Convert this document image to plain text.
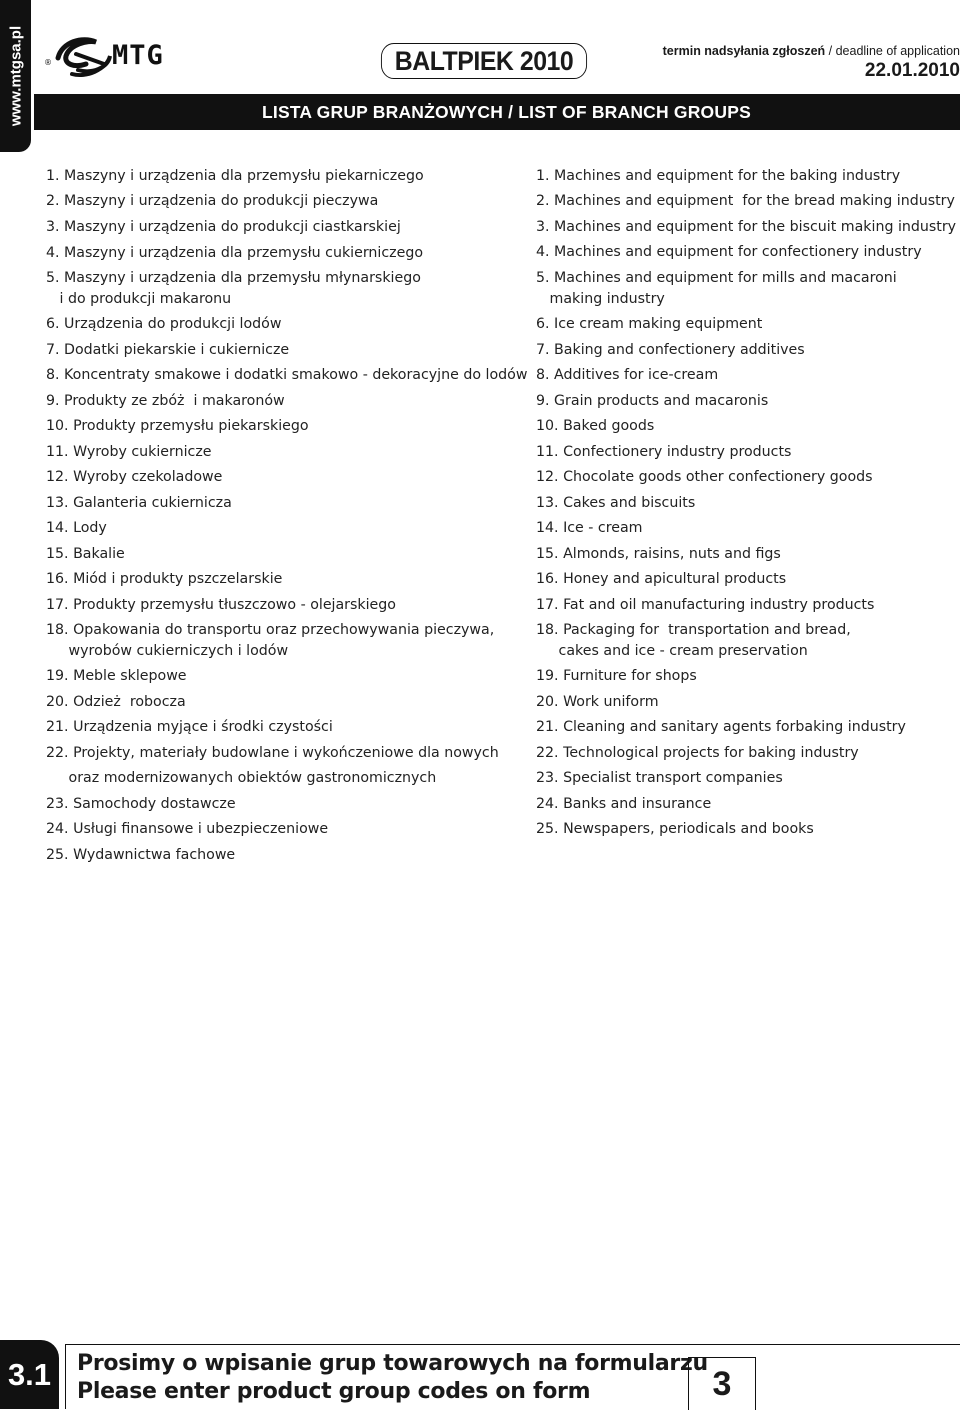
www.mtgsa.pl	® MTG	BALTPIEK 2010	termin nadsyłania zgłoszeń / deadline of application
22.01.2010
LISTA GRUP BRANŻOWYCH / LIST OF BRANCH GROUPS
1. Maszyny i urządzenia dla przemysłu piekarniczego
2. Maszyny i urządzenia do produkcji pieczywa
3. Maszyny i urządzenia do produkcji ciastkarskiej
4. Maszyny i urządzenia dla przemysłu cukierniczego
5. Maszyny i urządzenia dla przemysłu młynarskiego
i do produkcji makaronu
6. Urządzenia do produkcji lodów
7. Dodatki piekarskie i cukiernicze
8. Koncentraty smakowe i dodatki smakowo - dekoracyjne do lodów
9. Produkty ze zbóż  i makaronów
10. Produkty przemysłu piekarskiego
11. Wyroby cukiernicze
12. Wyroby czekoladowe
13. Galanteria cukiernicza
14. Lody
15. Bakalie
16. Miód i produkty pszczelarskie
17. Produkty przemysłu tłuszczowo - olejarskiego
18. Opakowania do transportu oraz przechowywania pieczywa,
wyrobów cukierniczych i lodów
19. Meble sklepowe
20. Odzież  robocza
21. Urządzenia myjące i środki czystości
22. Projekty, materiały budowlane i wykończeniowe dla nowych
oraz modernizowanych obiektów gastronomicznych
23. Samochody dostawcze
24. Usługi finansowe i ubezpieczeniowe
25. Wydawnictwa fachowe
1. Machines and equipment for the baking industry
2. Machines and equipment  for the bread making industry
3. Machines and equipment for the biscuit making industry
4. Machines and equipment for confectionery industry
5. Machines and equipment for mills and macaroni
making industry
6. Ice cream making equipment
7. Baking and confectionery additives
8. Additives for ice-cream
9. Grain products and macaronis
10. Baked goods
11. Confectionery industry products
12. Chocolate goods other confectionery goods
13. Cakes and biscuits
14. Ice - cream
15. Almonds, raisins, nuts and figs
16. Honey and apicultural products
17. Fat and oil manufacturing industry products
18. Packaging for  transportation and bread,
cakes and ice - cream preservation
19. Furniture for shops
20. Work uniform
21. Cleaning and sanitary agents forbaking industry
22. Technological projects for baking industry
23. Specialist transport companies
24. Banks and insurance
25. Newspapers, periodicals and books
3.1 Prosimy o wpisanie grup towarowych na formularzu
Please enter product group codes on form	3
